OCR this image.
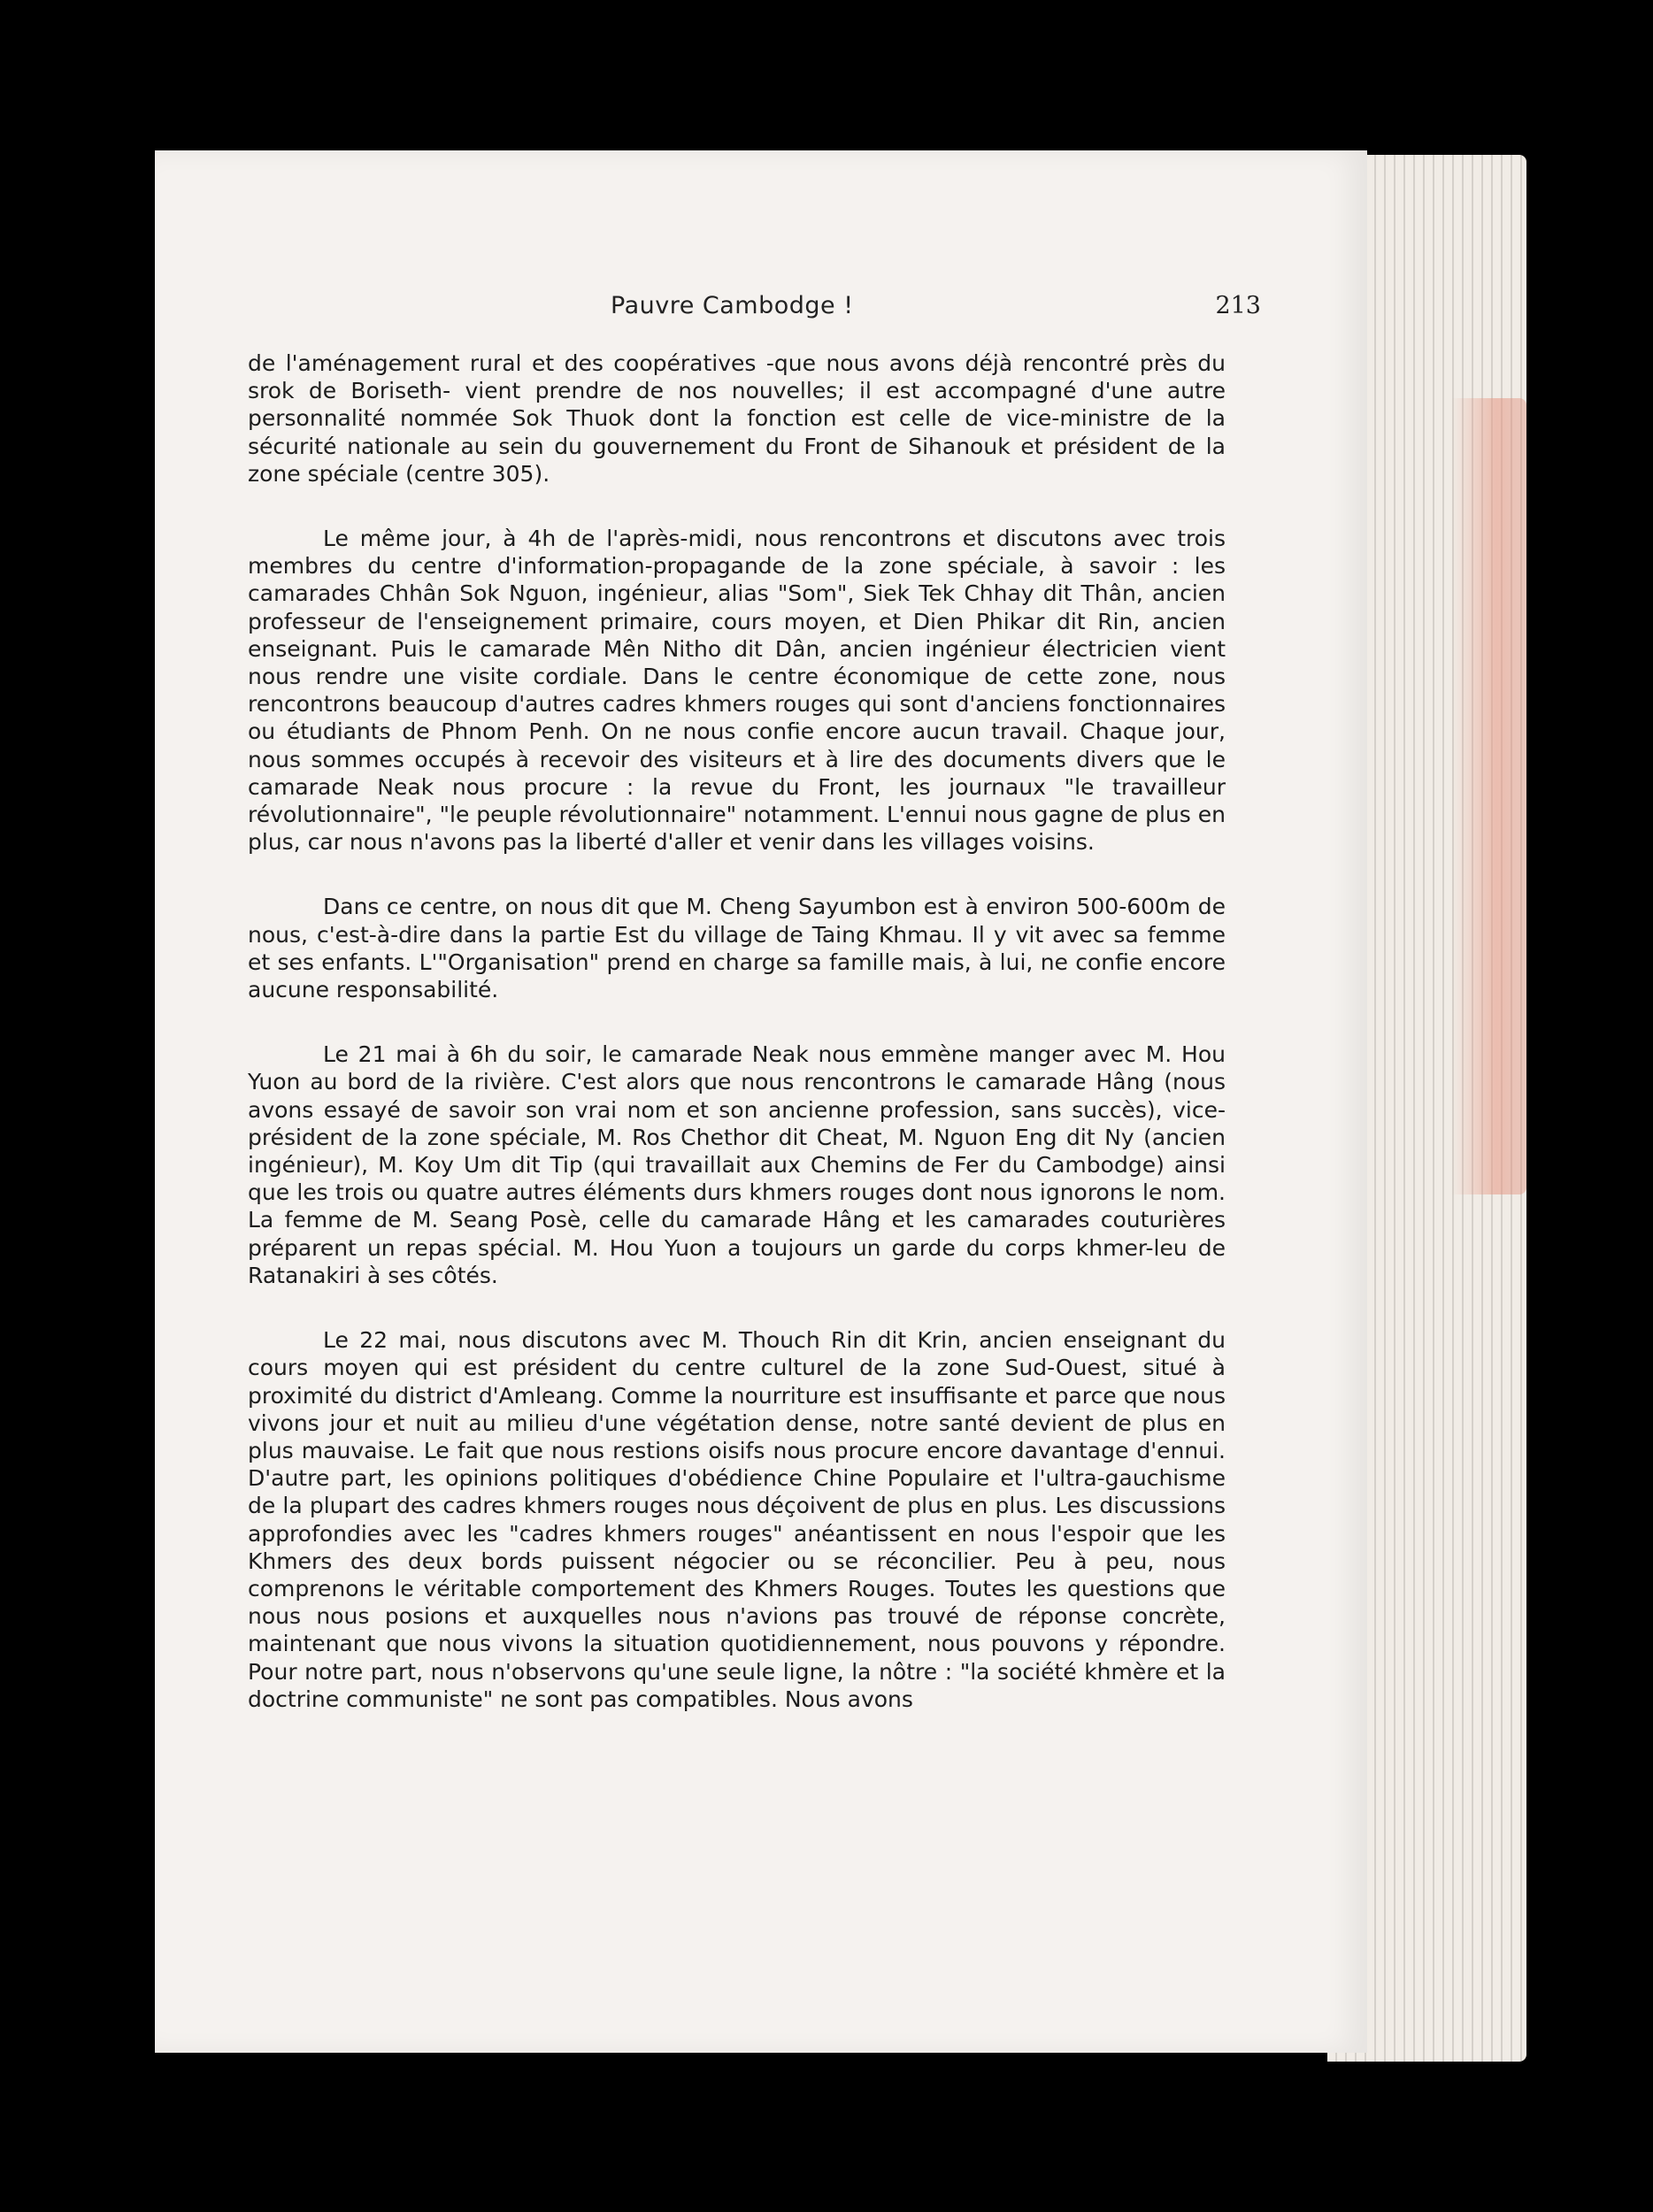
Pauvre Cambodge !	213

de l'aménagement rural et des coopératives -que nous avons déjà rencontré près du srok de Boriseth- vient prendre de nos nouvelles; il est accompagné d'une autre personnalité nommée Sok Thuok dont la fonction est celle de vice-ministre de la sécurité nationale au sein du gouvernement du Front de Sihanouk et président de la zone spéciale (centre 305).

Le même jour, à 4h de l'après-midi, nous rencontrons et discutons avec trois membres du centre d'information-propagande de la zone spéciale, à savoir : les camarades Chhân Sok Nguon, ingénieur, alias "Som", Siek Tek Chhay dit Thân, ancien professeur de l'enseignement primaire, cours moyen, et Dien Phikar dit Rin, ancien enseignant. Puis le camarade Mên Nitho dit Dân, ancien ingénieur électricien vient nous rendre une visite cordiale. Dans le centre économique de cette zone, nous rencontrons beaucoup d'autres cadres khmers rouges qui sont d'anciens fonctionnaires ou étudiants de Phnom Penh. On ne nous confie encore aucun travail. Chaque jour, nous sommes occupés à recevoir des visiteurs et à lire des documents divers que le camarade Neak nous procure : la revue du Front, les journaux "le travailleur révolutionnaire", "le peuple révolutionnaire" notamment. L'ennui nous gagne de plus en plus, car nous n'avons pas la liberté d'aller et venir dans les villages voisins.

Dans ce centre, on nous dit que M. Cheng Sayumbon est à environ 500-600m de nous, c'est-à-dire dans la partie Est du village de Taing Khmau. Il y vit avec sa femme et ses enfants. L'"Organisation" prend en charge sa famille mais, à lui, ne confie encore aucune responsabilité.

Le 21 mai à 6h du soir, le camarade Neak nous emmène manger avec M. Hou Yuon au bord de la rivière. C'est alors que nous rencontrons le camarade Hâng (nous avons essayé de savoir son vrai nom et son ancienne profession, sans succès), vice-président de la zone spéciale, M. Ros Chethor dit Cheat, M. Nguon Eng dit Ny (ancien ingénieur), M. Koy Um dit Tip (qui travaillait aux Chemins de Fer du Cambodge) ainsi que les trois ou quatre autres éléments durs khmers rouges dont nous ignorons le nom. La femme de M. Seang Posè, celle du camarade Hâng et les camarades couturières préparent un repas spécial. M. Hou Yuon a toujours un garde du corps khmer-leu de Ratanakiri à ses côtés.

Le 22 mai, nous discutons avec M. Thouch Rin dit Krin, ancien enseignant du cours moyen qui est président du centre culturel de la zone Sud-Ouest, situé à proximité du district d'Amleang. Comme la nourriture est insuffisante et parce que nous vivons jour et nuit au milieu d'une végétation dense, notre santé devient de plus en plus mauvaise. Le fait que nous restions oisifs nous procure encore davantage d'ennui. D'autre part, les opinions politiques d'obédience Chine Populaire et l'ultra-gauchisme de la plupart des cadres khmers rouges nous déçoivent de plus en plus. Les discussions approfondies avec les "cadres khmers rouges" anéantissent en nous l'espoir que les Khmers des deux bords puissent négocier ou se réconcilier. Peu à peu, nous comprenons le véritable comportement des Khmers Rouges. Toutes les questions que nous nous posions et auxquelles nous n'avions pas trouvé de réponse concrète, maintenant que nous vivons la situation quotidiennement, nous pouvons y répondre. Pour notre part, nous n'observons qu'une seule ligne, la nôtre : "la société khmère et la doctrine communiste" ne sont pas compatibles. Nous avons
